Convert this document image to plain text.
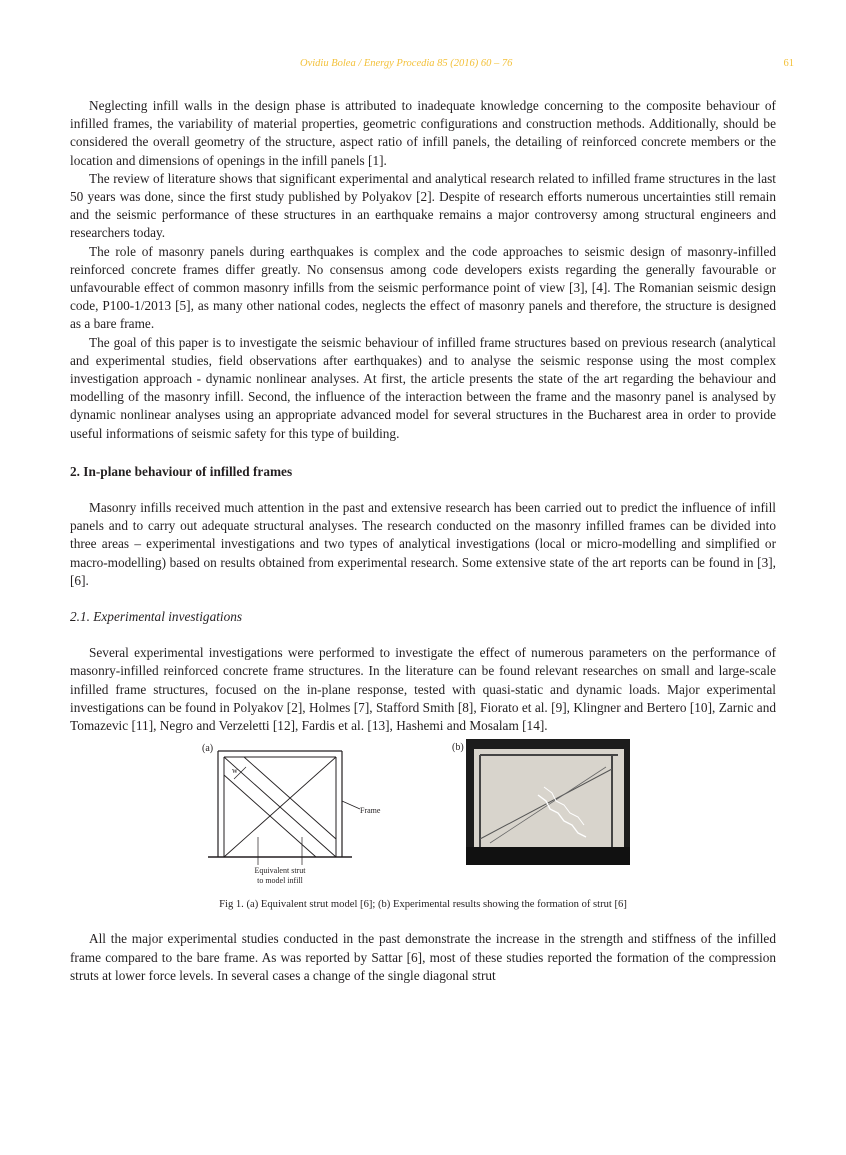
Ovidiu Bolea / Energy Procedia 85 (2016) 60 – 76	61

Neglecting infill walls in the design phase is attributed to inadequate knowledge concerning to the composite behaviour of infilled frames, the variability of material properties, geometric configurations and construction methods. Additionally, should be considered the overall geometry of the structure, aspect ratio of infill panels, the detailing of reinforced concrete members or the location and dimensions of openings in the infill panels [1].

The review of literature shows that significant experimental and analytical research related to infilled frame structures in the last 50 years was done, since the first study published by Polyakov [2]. Despite of research efforts numerous uncertainties still remain and the seismic performance of these structures in an earthquake remains a major controversy among structural engineers and researchers today.

The role of masonry panels during earthquakes is complex and the code approaches to seismic design of masonry-infilled reinforced concrete frames differ greatly. No consensus among code developers exists regarding the generally favourable or unfavourable effect of common masonry infills from the seismic performance point of view [3], [4]. The Romanian seismic design code, P100-1/2013 [5], as many other national codes, neglects the effect of masonry panels and therefore, the structure is designed as a bare frame.

The goal of this paper is to investigate the seismic behaviour of infilled frame structures based on previous research (analytical and experimental studies, field observations after earthquakes) and to analyse the seismic response using the most complex investigation approach - dynamic nonlinear analyses. At first, the article presents the state of the art regarding the behaviour and modelling of the masonry infill. Second, the influence of the interaction between the frame and the masonry panel is analysed by dynamic nonlinear analyses using an appropriate advanced model for several structures in the Bucharest area in order to provide useful informations of seismic safety for this type of building.

2. In-plane behaviour of infilled frames

Masonry infills received much attention in the past and extensive research has been carried out to predict the influence of infill panels and to carry out adequate structural analyses. The research conducted on the masonry infilled frames can be divided into three areas – experimental investigations and two types of analytical investigations (local or micro-modelling and simplified or macro-modelling) based on results obtained from experimental research. Some extensive state of the art reports can be found in [3], [6].

2.1. Experimental investigations

Several experimental investigations were performed to investigate the effect of numerous parameters on the performance of masonry-infilled reinforced concrete frame structures. In the literature can be found relevant researches on small and large-scale infilled frame structures, focused on the in-plane response, tested with quasi-static and dynamic loads. Major experimental investigations can be found in Polyakov [2], Holmes [7], Stafford Smith [8], Fiorato et al. [9], Klingner and Bertero [10], Zarnic and Tomazevic [11], Negro and Verzeletti [12], Fardis et al. [13], Hashemi and Mosalam [14].

(a)
w
Frame
Equivalent strut
to model infill
(b)
Fig 1. (a) Equivalent strut model [6]; (b) Experimental results showing the formation of strut [6]

All the major experimental studies conducted in the past demonstrate the increase in the strength and stiffness of the infilled frame compared to the bare frame. As was reported by Sattar [6], most of these studies reported the formation of the compression struts at lower force levels. In several cases a change of the single diagonal strut
